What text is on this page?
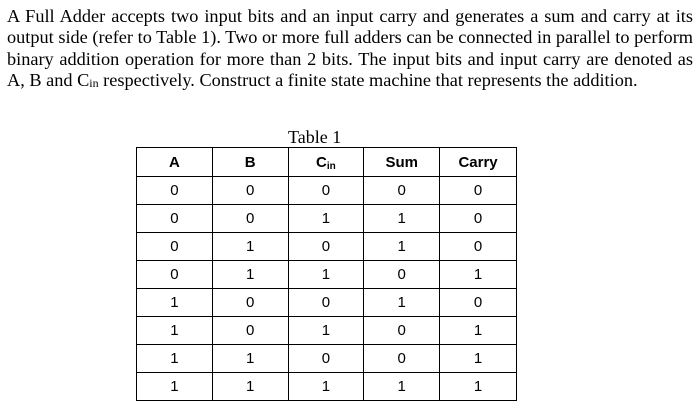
A Full Adder accepts two input bits and an input carry and generates a sum and carry at its output side (refer to Table 1). Two or more full adders can be connected in parallel to perform binary addition operation for more than 2 bits. The input bits and input carry are denoted as A, B and $C_{in}$ respectively. Construct a finite state machine that represents the addition.

Table 1

A	B	$C_{in}$	Sum	Carry
0	0	0	0	0
0	0	1	1	0
0	1	0	1	0
0	1	1	0	1
1	0	0	1	0
1	0	1	0	1
1	1	0	0	1
1	1	1	1	1
